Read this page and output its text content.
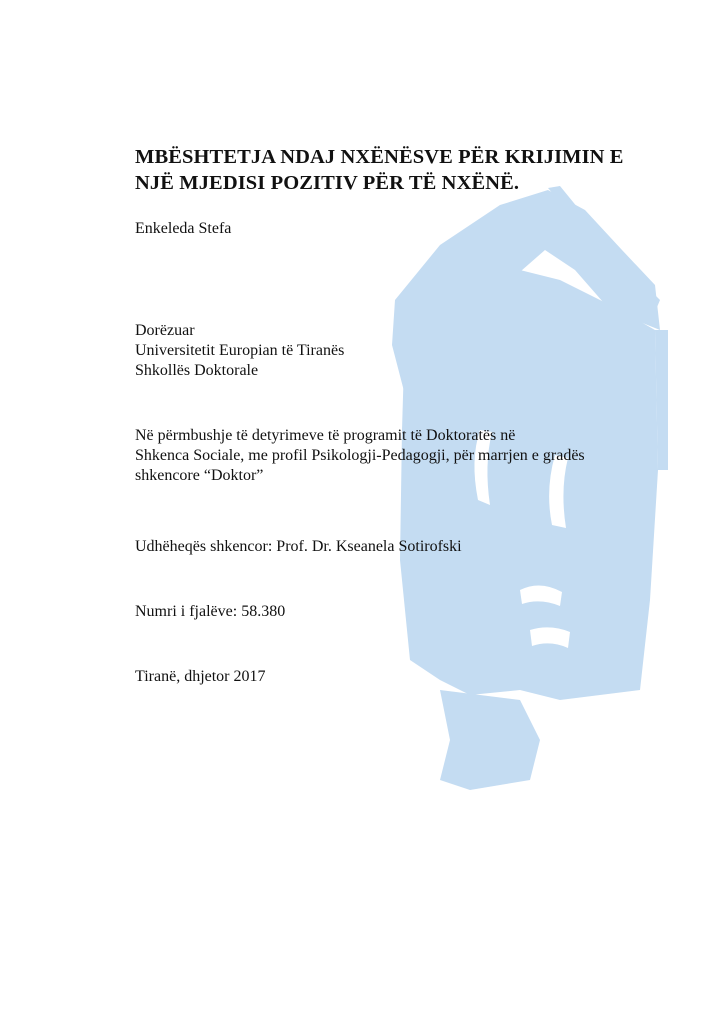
MBËSHTETJA NDAJ NXËNËSVE PËR KRIJIMIN E
NJË MJEDISI POZITIV PËR TË NXËNË.

Enkeleda Stefa

Dorëzuar
Universitetit Europian të Tiranës
Shkollës Doktorale
Në përmbushje të detyrimeve të programit të Doktoratës në
Shkenca Sociale, me profil Psikologji-Pedagogji, për marrjen e gradës
shkencore “Doktor”

Udhëheqës shkencor: Prof. Dr. Kseanela Sotirofski

Numri i fjalëve: 58.380

Tiranë, dhjetor 2017
